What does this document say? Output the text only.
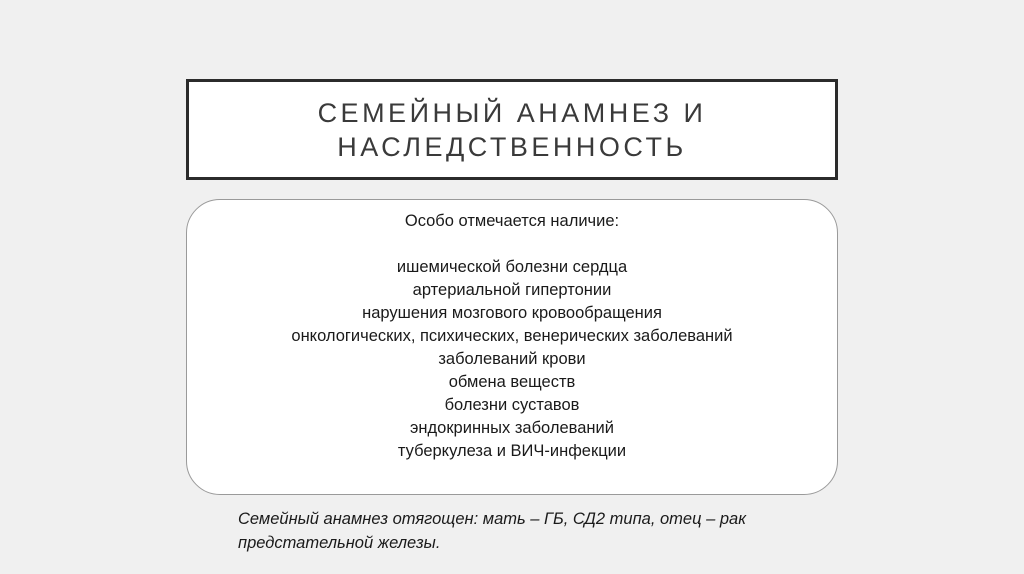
СЕМЕЙНЫЙ АНАМНЕЗ И
НАСЛЕДСТВЕННОСТЬ

Особо отмечается наличие:

ишемической болезни сердца
артериальной гипертонии
нарушения мозгового кровообращения
онкологических, психических, венерических заболеваний
заболеваний крови
обмена веществ
болезни суставов
эндокринных заболеваний
туберкулеза и ВИЧ-инфекции

Семейный анамнез отягощен: мать – ГБ, СД2 типа, отец – рак предстательной железы.
